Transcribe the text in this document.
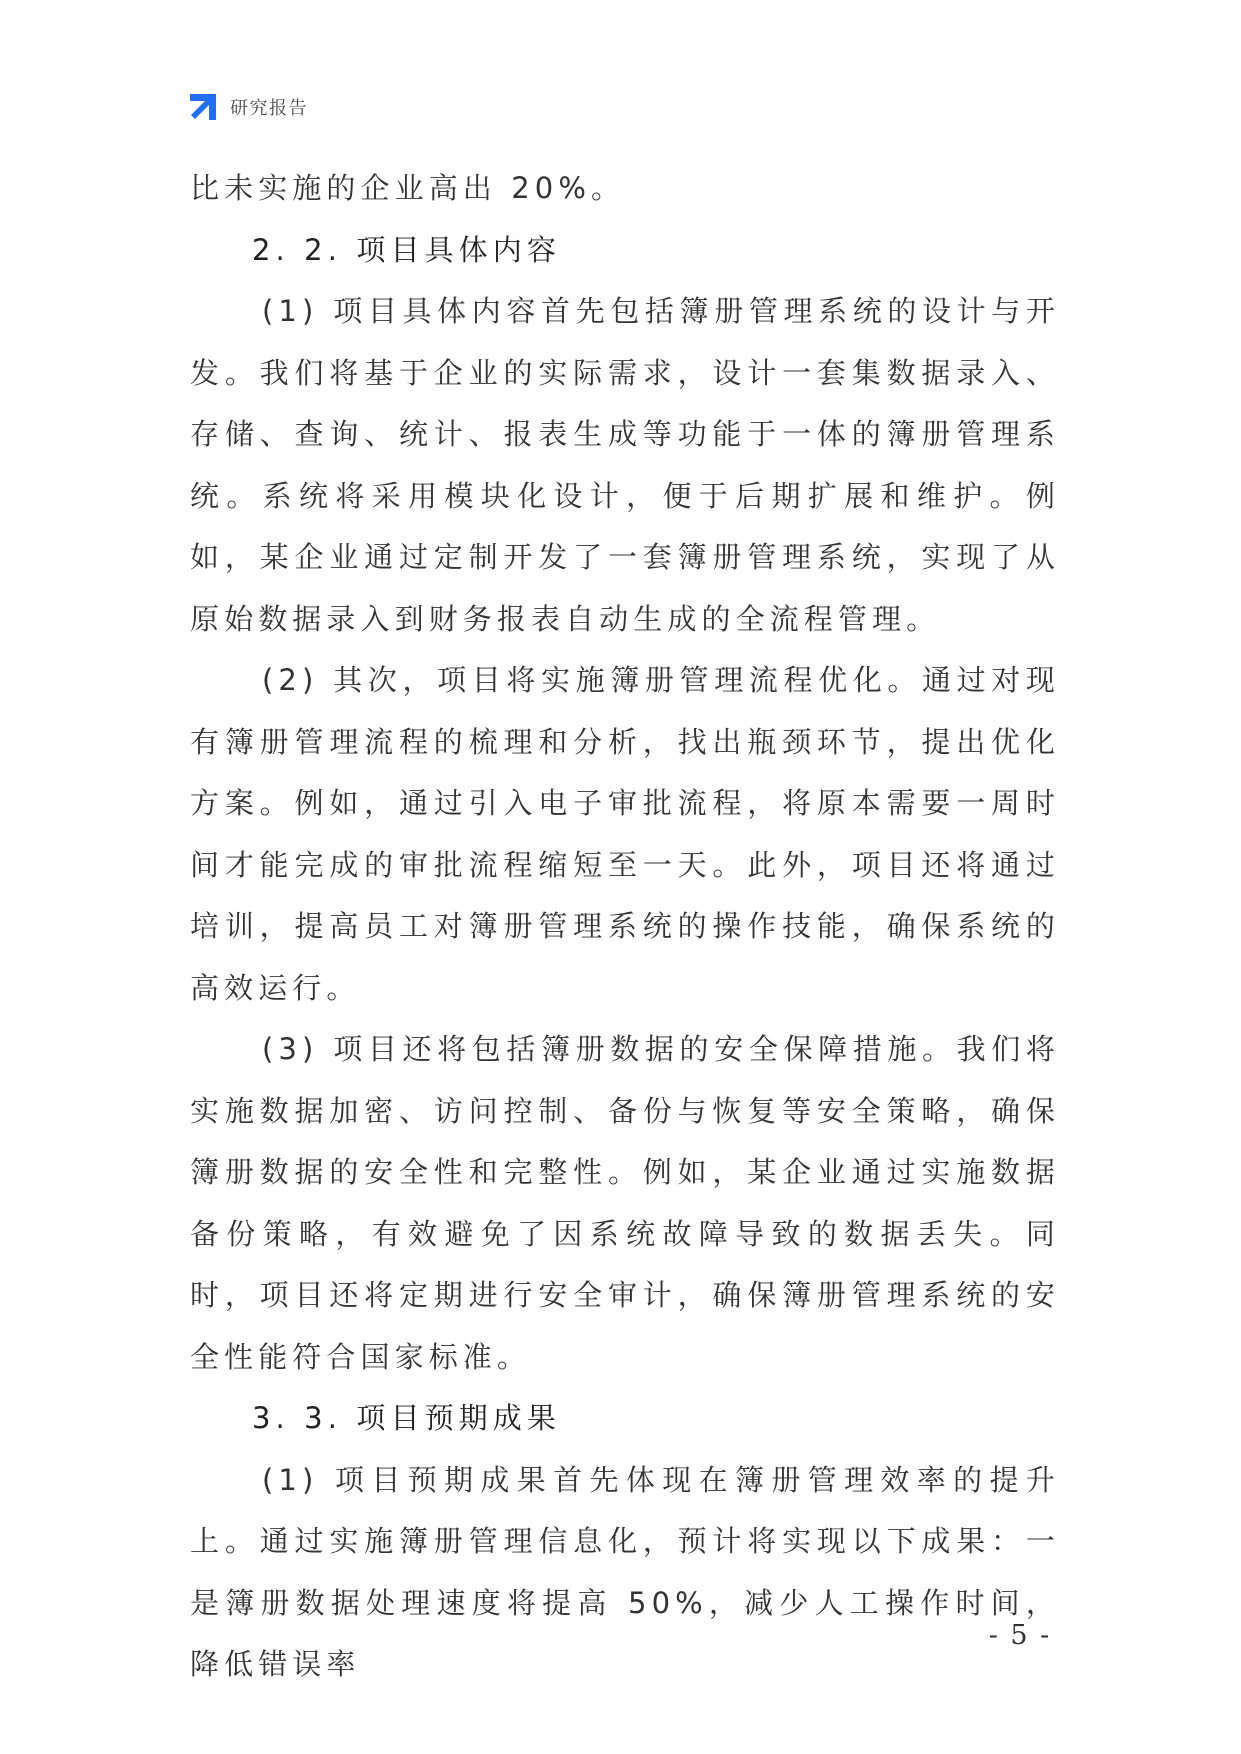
研究报告

比未实施的企业高出 20%。

2. 2. 项目具体内容

(1) 项目具体内容首先包括簿册管理系统的设计与开发。我们将基于企业的实际需求，设计一套集数据录入、存储、查询、统计、报表生成等功能于一体的簿册管理系统。系统将采用模块化设计，便于后期扩展和维护。例如，某企业通过定制开发了一套簿册管理系统，实现了从原始数据录入到财务报表自动生成的全流程管理。

(2) 其次，项目将实施簿册管理流程优化。通过对现有簿册管理流程的梳理和分析，找出瓶颈环节，提出优化方案。例如，通过引入电子审批流程，将原本需要一周时间才能完成的审批流程缩短至一天。此外，项目还将通过培训，提高员工对簿册管理系统的操作技能，确保系统的高效运行。

(3) 项目还将包括簿册数据的安全保障措施。我们将实施数据加密、访问控制、备份与恢复等安全策略，确保簿册数据的安全性和完整性。例如，某企业通过实施数据备份策略，有效避免了因系统故障导致的数据丢失。同时，项目还将定期进行安全审计，确保簿册管理系统的安全性能符合国家标准。

3. 3. 项目预期成果

(1) 项目预期成果首先体现在簿册管理效率的提升上。通过实施簿册管理信息化，预计将实现以下成果：一是簿册数据处理速度将提高 50%，减少人工操作时间，降低错误率

- 5 -
